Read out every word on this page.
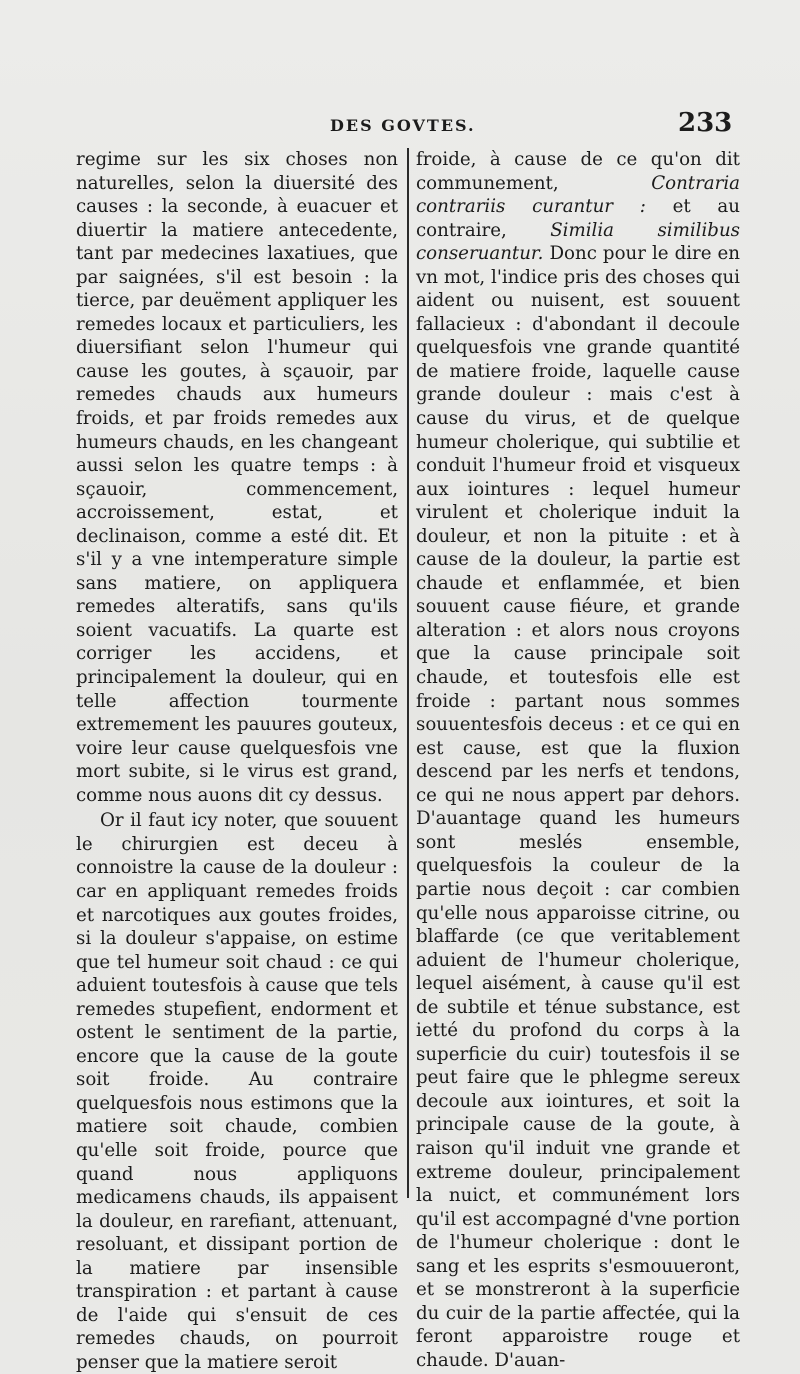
DES GOVTES.	233

regime sur les six choses non naturelles, selon la diuersité des causes : la seconde, à euacuer et diuertir la matiere antecedente, tant par medecines laxatiues, que par saignées, s'il est besoin : la tierce, par deuëment appliquer les remedes locaux et particuliers, les diuersifiant selon l'humeur qui cause les goutes, à sçauoir, par remedes chauds aux humeurs froids, et par froids remedes aux humeurs chauds, en les changeant aussi selon les quatre temps : à sçauoir, commencement, accroissement, estat, et declinaison, comme a esté dit. Et s'il y a vne intemperature simple sans matiere, on appliquera remedes alteratifs, sans qu'ils soient vacuatifs. La quarte est corriger les accidens, et principalement la douleur, qui en telle affection tourmente extremement les pauures gouteux, voire leur cause quelquesfois vne mort subite, si le virus est grand, comme nous auons dit cy dessus.

Or il faut icy noter, que souuent le chirurgien est deceu à connoistre la cause de la douleur : car en appliquant remedes froids et narcotiques aux goutes froides, si la douleur s'appaise, on estime que tel humeur soit chaud : ce qui aduient toutesfois à cause que tels remedes stupefient, endorment et ostent le sentiment de la partie, encore que la cause de la goute soit froide. Au contraire quelquesfois nous estimons que la matiere soit chaude, combien qu'elle soit froide, pource que quand nous appliquons medicamens chauds, ils appaisent la douleur, en rarefiant, attenuant, resoluant, et dissipant portion de la matiere par insensible transpiration : et partant à cause de l'aide qui s'ensuit de ces remedes chauds, on pourroit penser que la matiere seroit

froide, à cause de ce qu'on dit communement, Contraria contrariis curantur : et au contraire, Similia similibus conseruantur. Donc pour le dire en vn mot, l'indice pris des choses qui aident ou nuisent, est souuent fallacieux : d'abondant il decoule quelquesfois vne grande quantité de matiere froide, laquelle cause grande douleur : mais c'est à cause du virus, et de quelque humeur cholerique, qui subtilie et conduit l'humeur froid et visqueux aux iointures : lequel humeur virulent et cholerique induit la douleur, et non la pituite : et à cause de la douleur, la partie est chaude et enflammée, et bien souuent cause fiéure, et grande alteration : et alors nous croyons que la cause principale soit chaude, et toutesfois elle est froide : partant nous sommes souuentesfois deceus : et ce qui en est cause, est que la fluxion descend par les nerfs et tendons, ce qui ne nous appert par dehors. D'auantage quand les humeurs sont meslés ensemble, quelquesfois la couleur de la partie nous deçoit : car combien qu'elle nous apparoisse citrine, ou blaffarde (ce que veritablement aduient de l'humeur cholerique, lequel aisément, à cause qu'il est de subtile et ténue substance, est ietté du profond du corps à la superficie du cuir) toutesfois il se peut faire que le phlegme sereux decoule aux iointures, et soit la principale cause de la goute, à raison qu'il induit vne grande et extreme douleur, principalement la nuict, et communément lors qu'il est accompagné d'vne portion de l'humeur cholerique : dont le sang et les esprits s'esmouueront, et se monstreront à la superficie du cuir de la partie affectée, qui la feront apparoistre rouge et chaude. D'auan-
